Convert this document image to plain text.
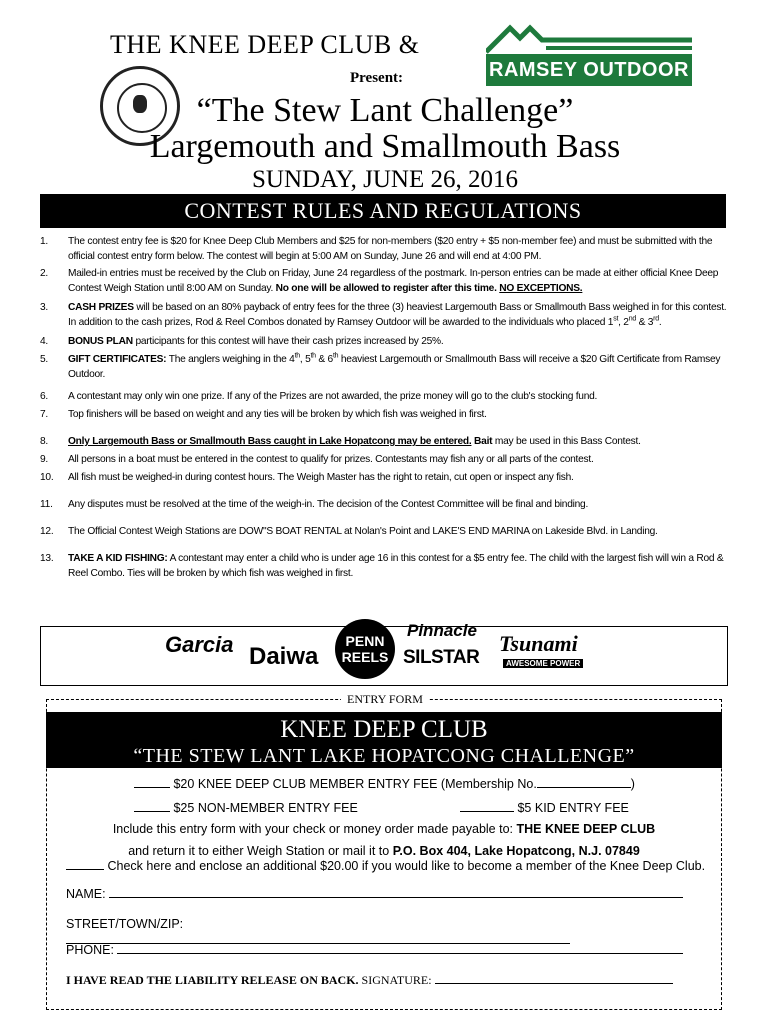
THE KNEE DEEP CLUB &
Present:	RAMSEY OUTDOOR
“The Stew Lant Challenge”
Largemouth and Smallmouth Bass
SUNDAY, JUNE 26, 2016
CONTEST RULES AND REGULATIONS
1.	The contest entry fee is $20 for Knee Deep Club Members and $25 for non-members ($20 entry + $5 non-member fee) and must be submitted with the official contest entry form below. The contest will begin at 5:00 AM on Sunday, June 26 and will end at 4:00 PM.
2.	Mailed-in entries must be received by the Club on Friday, June 24 regardless of the postmark. In-person entries can be made at either official Knee Deep Contest Weigh Station until 8:00 AM on Sunday. No one will be allowed to register after this time. NO EXCEPTIONS.
3.	CASH PRIZES will be based on an 80% payback of entry fees for the three (3) heaviest Largemouth Bass or Smallmouth Bass weighed in for this contest. In addition to the cash prizes, Rod & Reel Combos donated by Ramsey Outdoor will be awarded to the individuals who placed 1st, 2nd & 3rd.
4.	BONUS PLAN participants for this contest will have their cash prizes increased by 25%.
5.	GIFT CERTIFICATES: The anglers weighing in the 4th, 5th & 6th heaviest Largemouth or Smallmouth Bass will receive a $20 Gift Certificate from Ramsey Outdoor.
6.	A contestant may only win one prize. If any of the Prizes are not awarded, the prize money will go to the club's stocking fund.
7.	Top finishers will be based on weight and any ties will be broken by which fish was weighed in first.
8.	Only Largemouth Bass or Smallmouth Bass caught in Lake Hopatcong may be entered. Bait may be used in this Bass Contest.
9.	All persons in a boat must be entered in the contest to qualify for prizes. Contestants may fish any or all parts of the contest.
10.	All fish must be weighed-in during contest hours. The Weigh Master has the right to retain, cut open or inspect any fish.
11.	Any disputes must be resolved at the time of the weigh-in. The decision of the Contest Committee will be final and binding.
12.	The Official Contest Weigh Stations are DOW"S BOAT RENTAL at Nolan's Point and LAKE'S END MARINA on Lakeside Blvd. in Landing.
13.	TAKE A KID FISHING: A contestant may enter a child who is under age 16 in this contest for a $5 entry fee. The child with the largest fish will win a Rod & Reel Combo. Ties will be broken by which fish was weighed in first.
Garcia Daiwa
PENN
REELS
Pinnacle
SILSTAR
Tsunami
AWESOME POWER
ENTRY FORM
KNEE DEEP CLUB
“THE STEW LANT LAKE HOPATCONG CHALLENGE”
$20 KNEE DEEP CLUB MEMBER ENTRY FEE (Membership No.	)
$25 NON-MEMBER ENTRY FEE	$5 KID ENTRY FEE
Include this entry form with your check or money order made payable to: THE KNEE DEEP CLUB
and return it to either Weigh Station or mail it to P.O. Box 404, Lake Hopatcong, N.J. 07849
Check here and enclose an additional $20.00 if you would like to become a member of the Knee Deep Club.
NAME:
STREET/TOWN/ZIP:
PHONE:
I HAVE READ THE LIABILITY RELEASE ON BACK. SIGNATURE:
